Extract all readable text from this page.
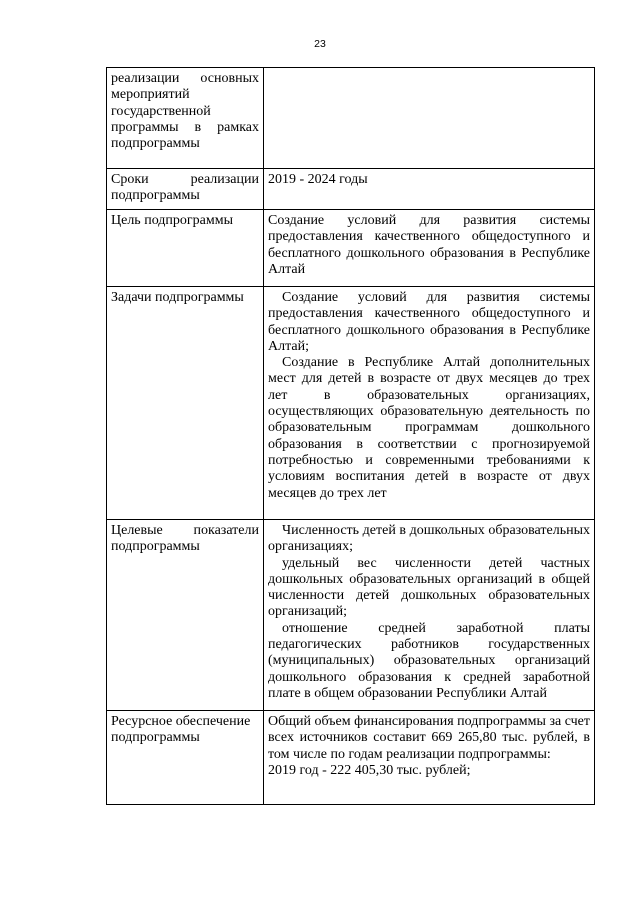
23
реализации основных мероприятий государственной программы в рамках подпрограммы	

Сроки реализации подпрограммы	2019 - 2024 годы

Цель подпрограммы	Создание условий для развития системы предоставления качественного общедоступного и бесплатного дошкольного образования в Республике Алтай

Задачи подпрограммы	Создание условий для развития системы предоставления качественного общедоступного и бесплатного дошкольного образования в Республике Алтай;
Создание в Республике Алтай дополнительных мест для детей в возрасте от двух месяцев до трех лет в образовательных организациях, осуществляющих образовательную деятельность по образовательным программам дошкольного образования в соответствии с прогнозируемой потребностью и современными требованиями к условиям воспитания детей в возрасте от двух месяцев до трех лет

Целевые показатели подпрограммы	Численность детей в дошкольных образовательных организациях;
удельный вес численности детей частных дошкольных образовательных организаций в общей численности детей дошкольных образовательных организаций;
отношение средней заработной платы педагогических работников государственных (муниципальных) образовательных организаций дошкольного образования к средней заработной плате в общем образовании Республики Алтай

Ресурсное обеспечение подпрограммы	Общий объем финансирования подпрограммы за счет всех источников составит 669 265,80 тыс. рублей, в том числе по годам реализации подпрограммы:
2019 год - 222 405,30 тыс. рублей;
